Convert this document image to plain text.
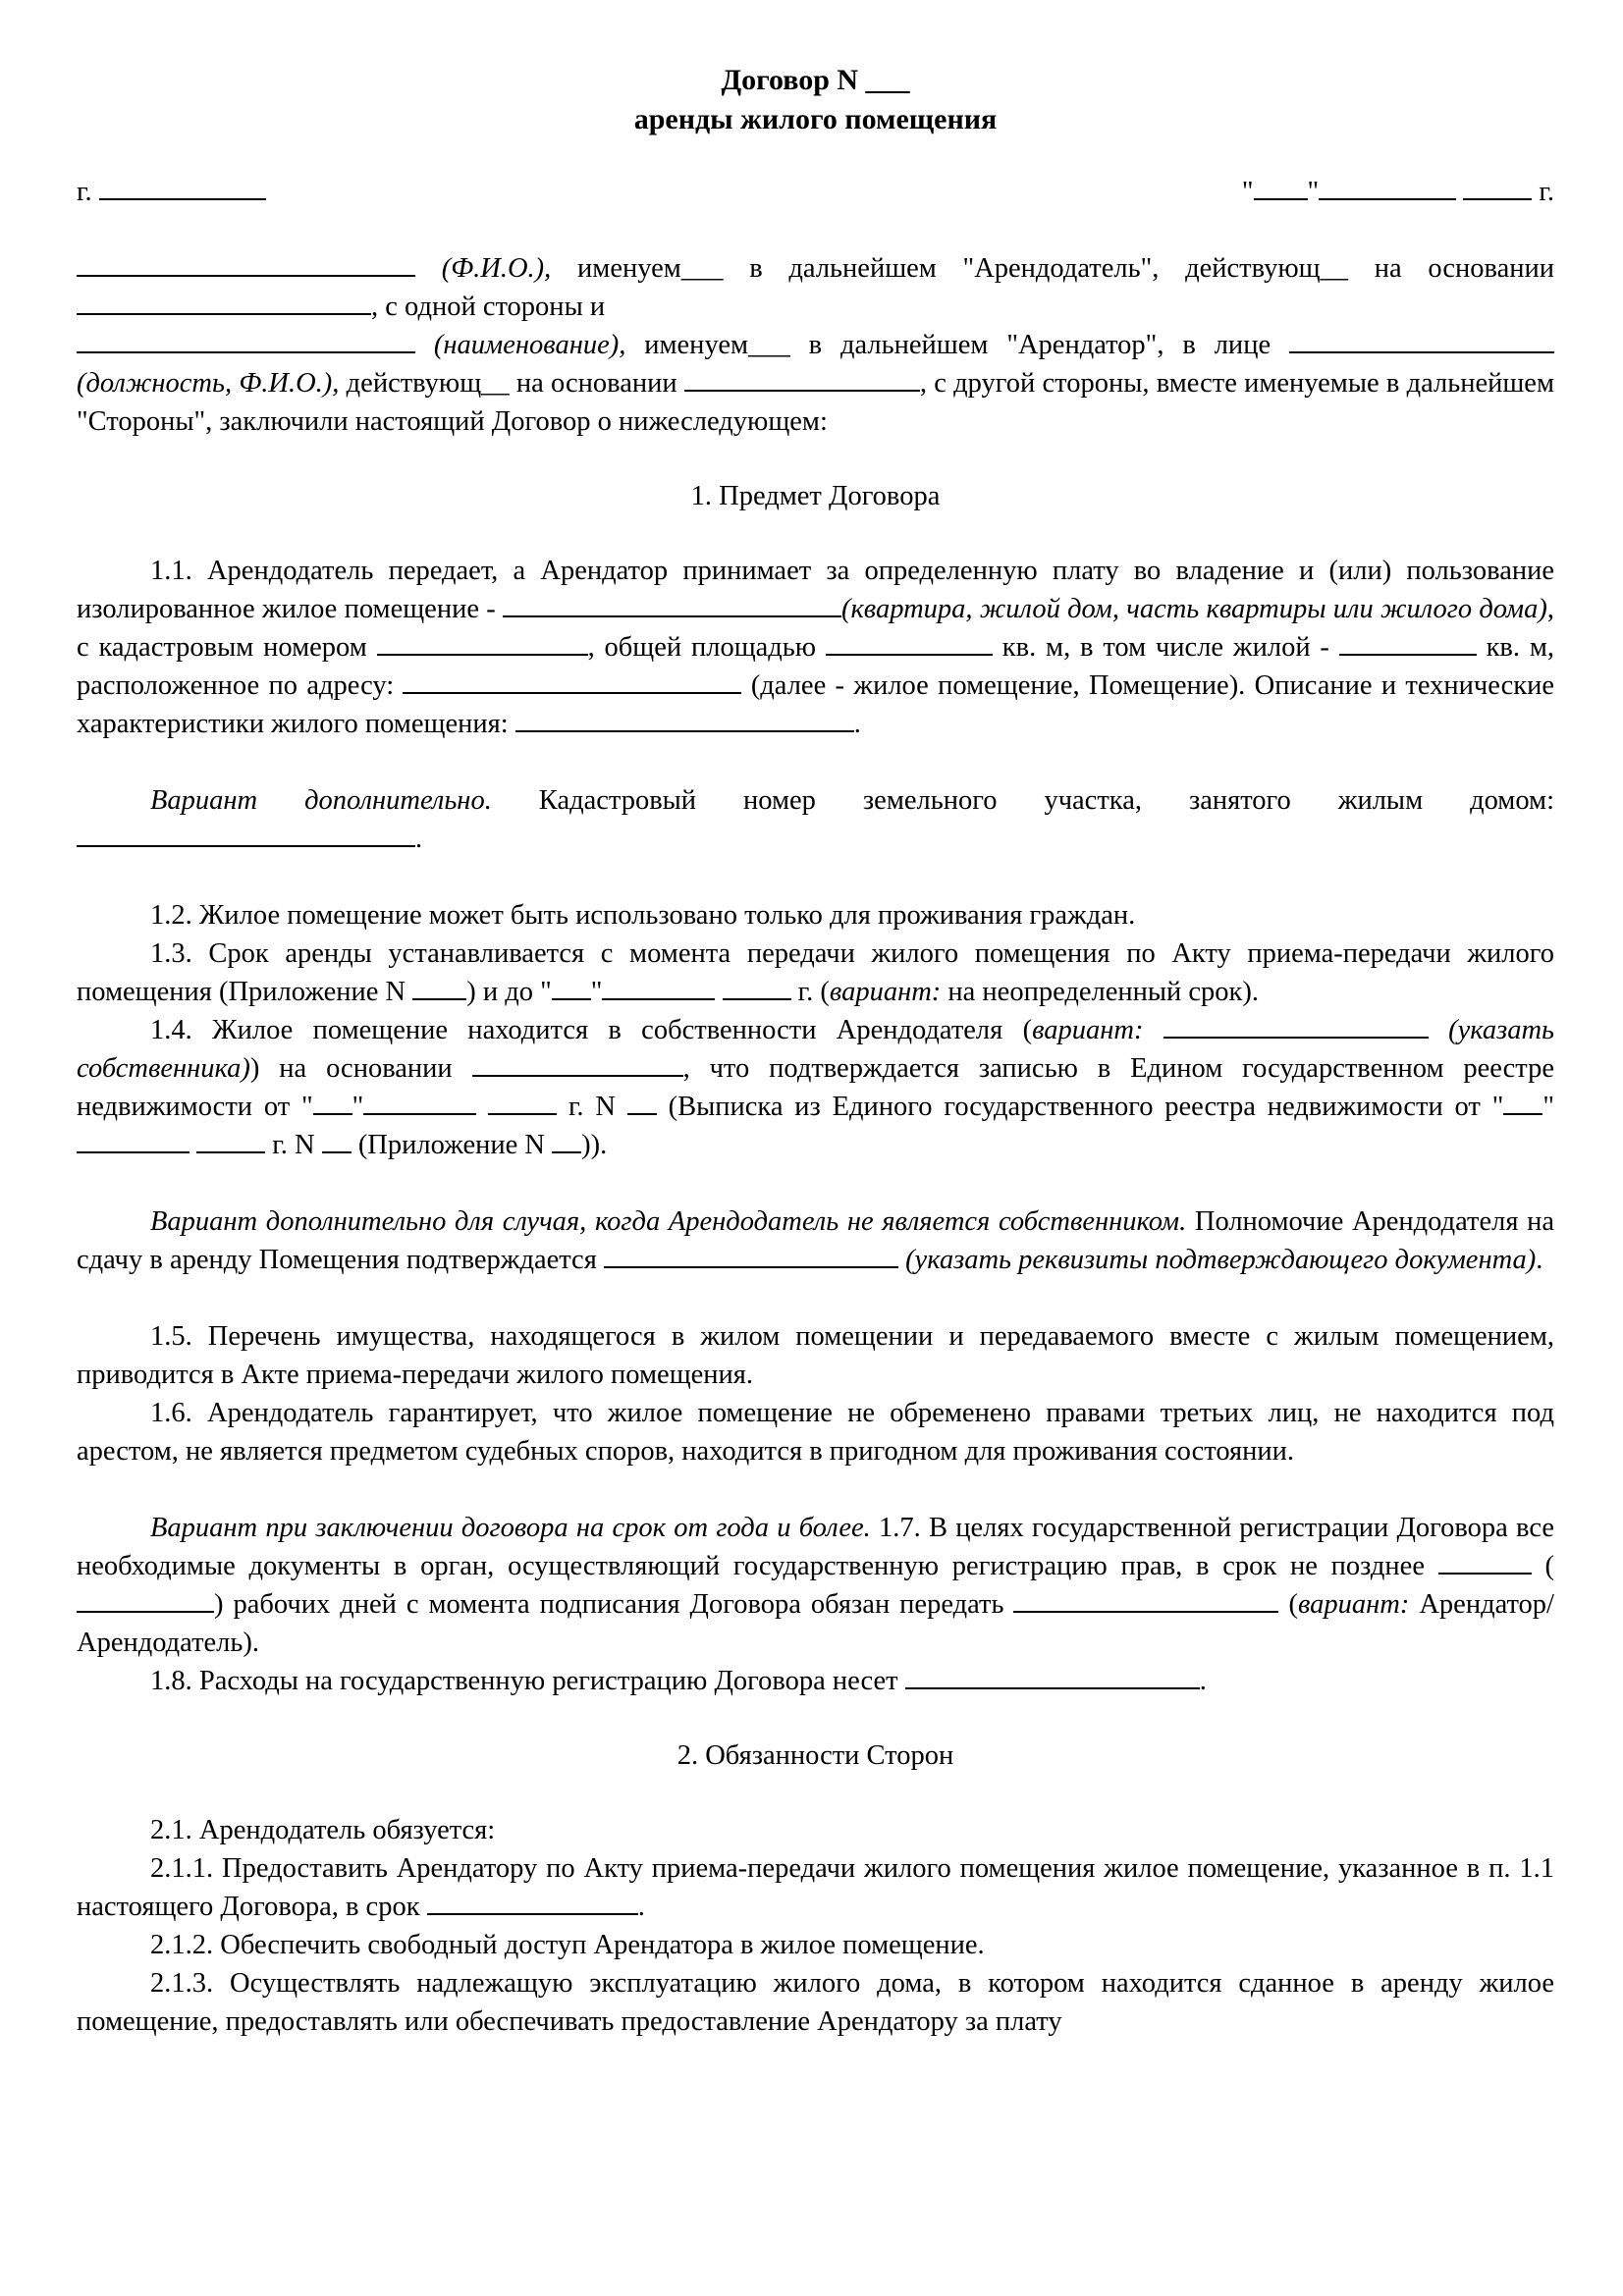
Договор N ___
аренды жилого помещения
г.	" "	г.

(Ф.И.О.), именуем___ в дальнейшем "Арендодатель", действующ__ на основании , с одной стороны и
(наименование), именуем___ в дальнейшем "Арендатор", в лице  (должность, Ф.И.О.), действующ__ на основании	, с другой стороны, вместе именуемые в дальнейшем "Стороны", заключили настоящий Договор о нижеследующем:

1. Предмет Договора

1.1. Арендодатель передает, а Арендатор принимает за определенную плату во владение и (или) пользование изолированное жилое помещение -	(квартира, жилой дом, часть квартиры или жилого дома), с кадастровым номером	, общей площадью	кв. м, в том числе жилой -	кв. м, расположенное по адресу:	(далее - жилое помещение, Помещение). Описание и технические характеристики жилого помещения:	.

Вариант дополнительно. Кадастровый номер земельного участка, занятого жилым домом: .

1.2. Жилое помещение может быть использовано только для проживания граждан.

1.3. Срок аренды устанавливается с момента передачи жилого помещения по Акту приема-передачи жилого помещения (Приложение N ) и до " "	г. (вариант: на неопределенный срок).

1.4. Жилое помещение находится в собственности Арендодателя (вариант:	(указать собственника)) на основании	, что подтверждается записью в Едином государственном реестре недвижимости от " "	г. N  (Выписка из Единого государственного реестра недвижимости от " "  г. N  (Приложение N )).

Вариант дополнительно для случая, когда Арендодатель не является собственником. Полномочие Арендодателя на сдачу в аренду Помещения подтверждается	(указать реквизиты подтверждающего документа).

1.5. Перечень имущества, находящегося в жилом помещении и передаваемого вместе с жилым помещением, приводится в Акте приема-передачи жилого помещения.

1.6. Арендодатель гарантирует, что жилое помещение не обременено правами третьих лиц, не находится под арестом, не является предметом судебных споров, находится в пригодном для проживания состоянии.

Вариант при заключении договора на срок от года и более. 1.7. В целях государственной регистрации Договора все необходимые документы в орган, осуществляющий государственную регистрацию прав, в срок не позднее	() рабочих дней с момента подписания Договора обязан передать	(вариант: Арендатор/Арендодатель).

1.8. Расходы на государственную регистрацию Договора несет	.

2. Обязанности Сторон

2.1. Арендодатель обязуется:

2.1.1. Предоставить Арендатору по Акту приема-передачи жилого помещения жилое помещение, указанное в п. 1.1 настоящего Договора, в срок	.

2.1.2. Обеспечить свободный доступ Арендатора в жилое помещение.

2.1.3. Осуществлять надлежащую эксплуатацию жилого дома, в котором находится сданное в аренду жилое помещение, предоставлять или обеспечивать предоставление Арендатору за плату
